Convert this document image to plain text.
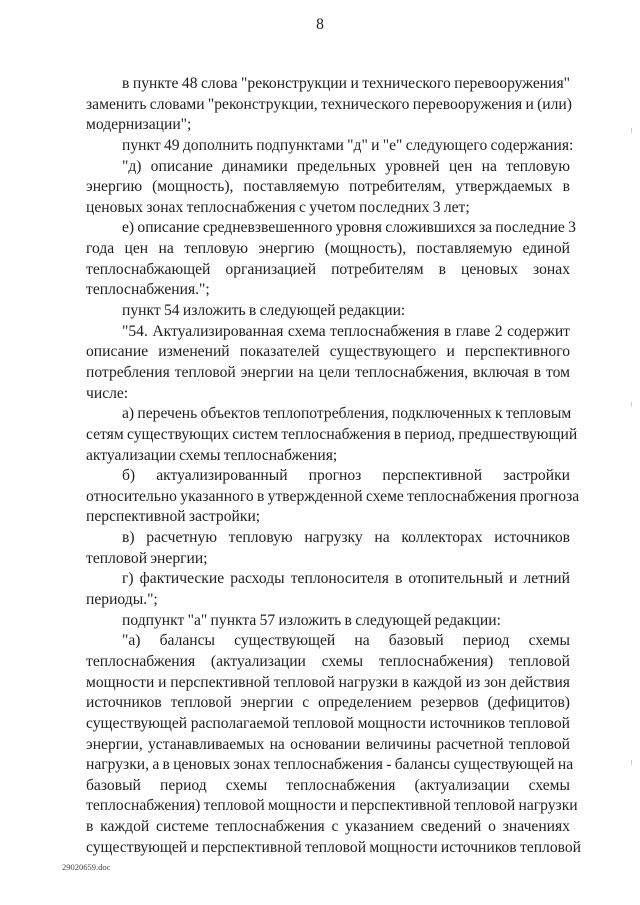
8
в пункте 48 слова "реконструкции и технического перевооружения"
заменить словами "реконструкции, технического перевооружения и (или)
модернизации";
пункт 49 дополнить подпунктами "д" и "е" следующего содержания:
"д) описание динамики предельных уровней цен на тепловую
энергию (мощность), поставляемую потребителям, утверждаемых в
ценовых зонах теплоснабжения с учетом последних 3 лет;
е) описание средневзвешенного уровня сложившихся за последние 3
года цен на тепловую энергию (мощность), поставляемую единой
теплоснабжающей организацией потребителям в ценовых зонах
теплоснабжения.";
пункт 54 изложить в следующей редакции:
"54. Актуализированная схема теплоснабжения в главе 2 содержит
описание изменений показателей существующего и перспективного
потребления тепловой энергии на цели теплоснабжения, включая в том
числе:
а) перечень объектов теплопотребления, подключенных к тепловым
сетям существующих систем теплоснабжения в период, предшествующий
актуализации схемы теплоснабжения;
б) актуализированный прогноз перспективной застройки
относительно указанного в утвержденной схеме теплоснабжения прогноза
перспективной застройки;
в) расчетную тепловую нагрузку на коллекторах источников
тепловой энергии;
г) фактические расходы теплоносителя в отопительный и летний
периоды.";
подпункт "а" пункта 57 изложить в следующей редакции:
"а) балансы существующей на базовый период схемы
теплоснабжения (актуализации схемы теплоснабжения) тепловой
мощности и перспективной тепловой нагрузки в каждой из зон действия
источников тепловой энергии с определением резервов (дефицитов)
существующей располагаемой тепловой мощности источников тепловой
энергии, устанавливаемых на основании величины расчетной тепловой
нагрузки, а в ценовых зонах теплоснабжения - балансы существующей на
базовый период схемы теплоснабжения (актуализации схемы
теплоснабжения) тепловой мощности и перспективной тепловой нагрузки
в каждой системе теплоснабжения с указанием сведений о значениях
существующей и перспективной тепловой мощности источников тепловой
29020659.doc
